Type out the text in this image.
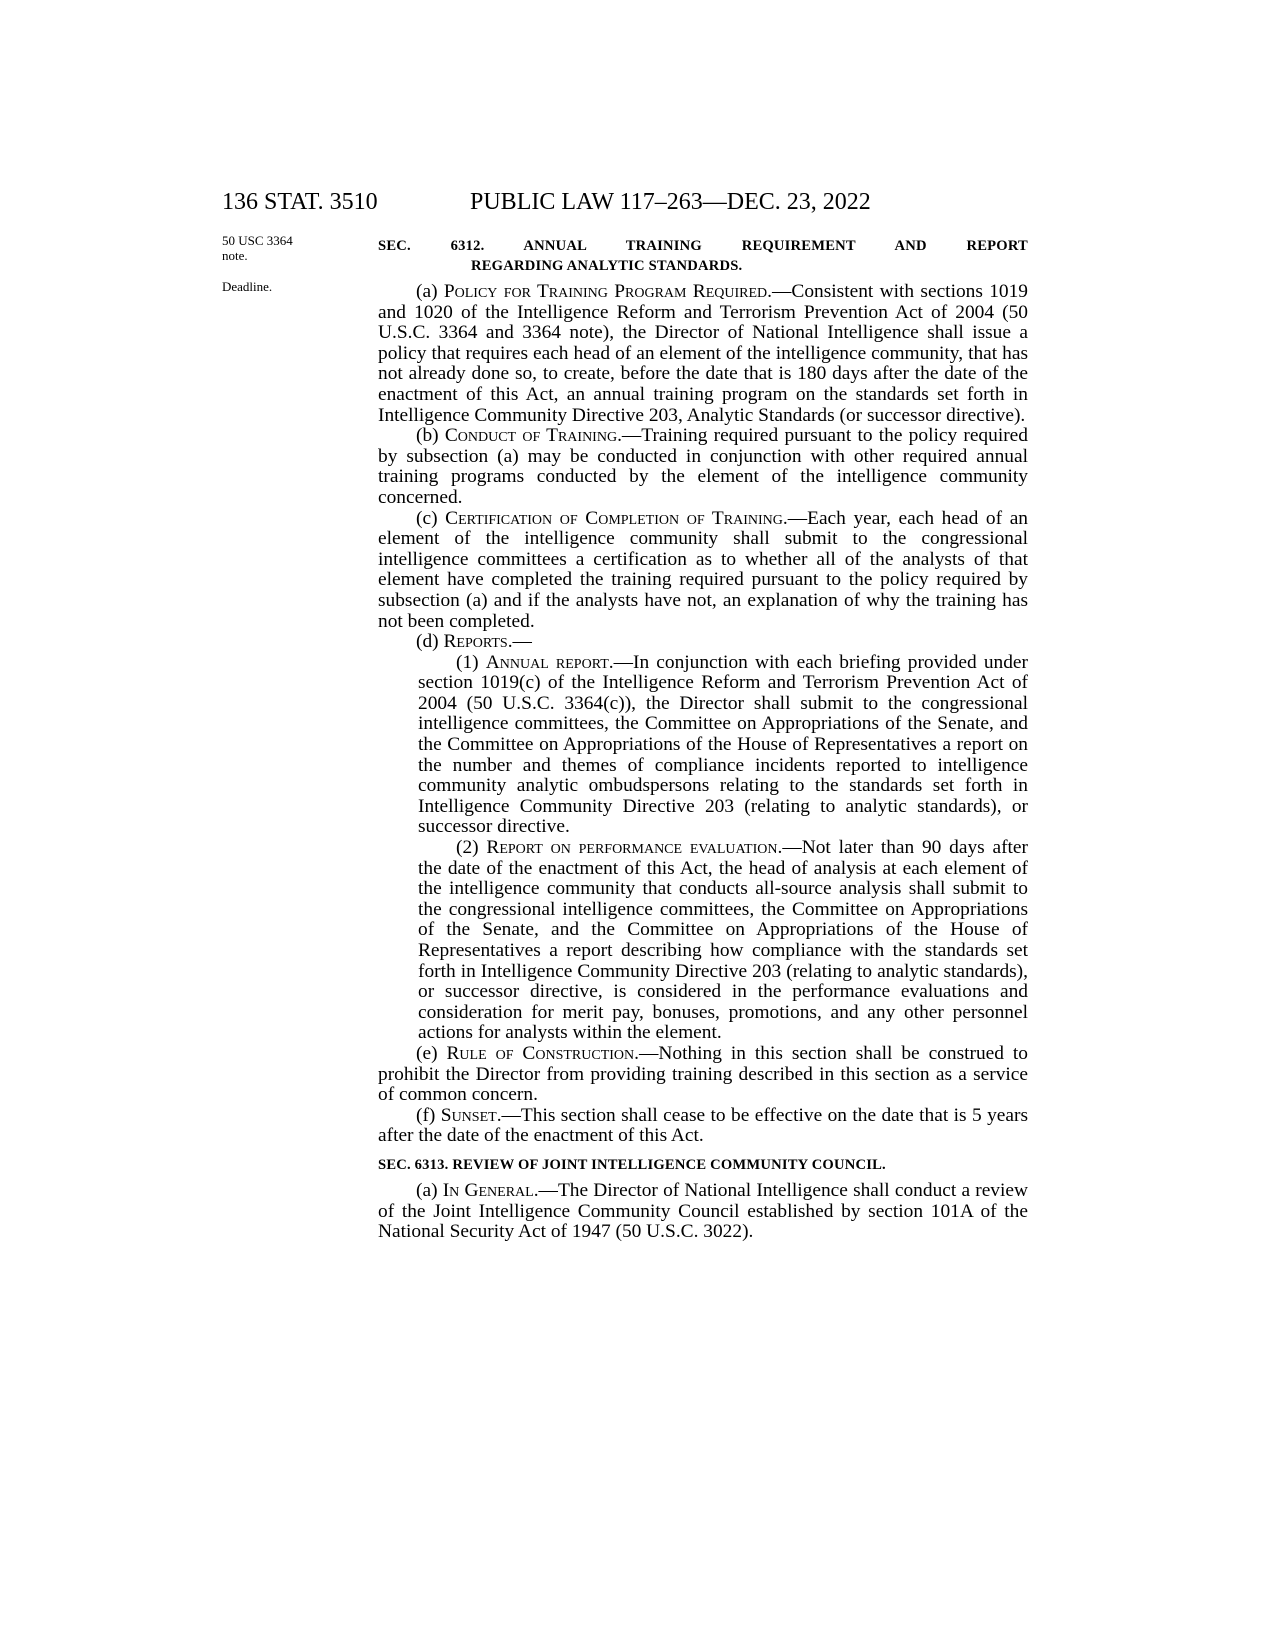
136 STAT. 3510	PUBLIC LAW 117–263—DEC. 23, 2022
50 USC 3364 note.
Deadline.
SEC. 6312. ANNUAL TRAINING REQUIREMENT AND REPORT
REGARDING ANALYTIC STANDARDS.

(a) Policy for Training Program Required.—Consistent with sections 1019 and 1020 of the Intelligence Reform and Terrorism Prevention Act of 2004 (50 U.S.C. 3364 and 3364 note), the Director of National Intelligence shall issue a policy that requires each head of an element of the intelligence community, that has not already done so, to create, before the date that is 180 days after the date of the enactment of this Act, an annual training program on the standards set forth in Intelligence Community Directive 203, Analytic Standards (or successor directive).

(b) Conduct of Training.—Training required pursuant to the policy required by subsection (a) may be conducted in conjunction with other required annual training programs conducted by the element of the intelligence community concerned.

(c) Certification of Completion of Training.—Each year, each head of an element of the intelligence community shall submit to the congressional intelligence committees a certification as to whether all of the analysts of that element have completed the training required pursuant to the policy required by subsection (a) and if the analysts have not, an explanation of why the training has not been completed.

(d) Reports.—

(1) Annual report.—In conjunction with each briefing provided under section 1019(c) of the Intelligence Reform and Terrorism Prevention Act of 2004 (50 U.S.C. 3364(c)), the Director shall submit to the congressional intelligence committees, the Committee on Appropriations of the Senate, and the Committee on Appropriations of the House of Representatives a report on the number and themes of compliance incidents reported to intelligence community analytic ombudspersons relating to the standards set forth in Intelligence Community Directive 203 (relating to analytic standards), or successor directive.

(2) Report on performance evaluation.—Not later than 90 days after the date of the enactment of this Act, the head of analysis at each element of the intelligence community that conducts all-source analysis shall submit to the congressional intelligence committees, the Committee on Appropriations of the Senate, and the Committee on Appropriations of the House of Representatives a report describing how compliance with the standards set forth in Intelligence Community Directive 203 (relating to analytic standards), or successor directive, is considered in the performance evaluations and consideration for merit pay, bonuses, promotions, and any other personnel actions for analysts within the element.

(e) Rule of Construction.—Nothing in this section shall be construed to prohibit the Director from providing training described in this section as a service of common concern.

(f) Sunset.—This section shall cease to be effective on the date that is 5 years after the date of the enactment of this Act.

SEC. 6313. REVIEW OF JOINT INTELLIGENCE COMMUNITY COUNCIL.

(a) In General.—The Director of National Intelligence shall conduct a review of the Joint Intelligence Community Council established by section 101A of the National Security Act of 1947 (50 U.S.C. 3022).
